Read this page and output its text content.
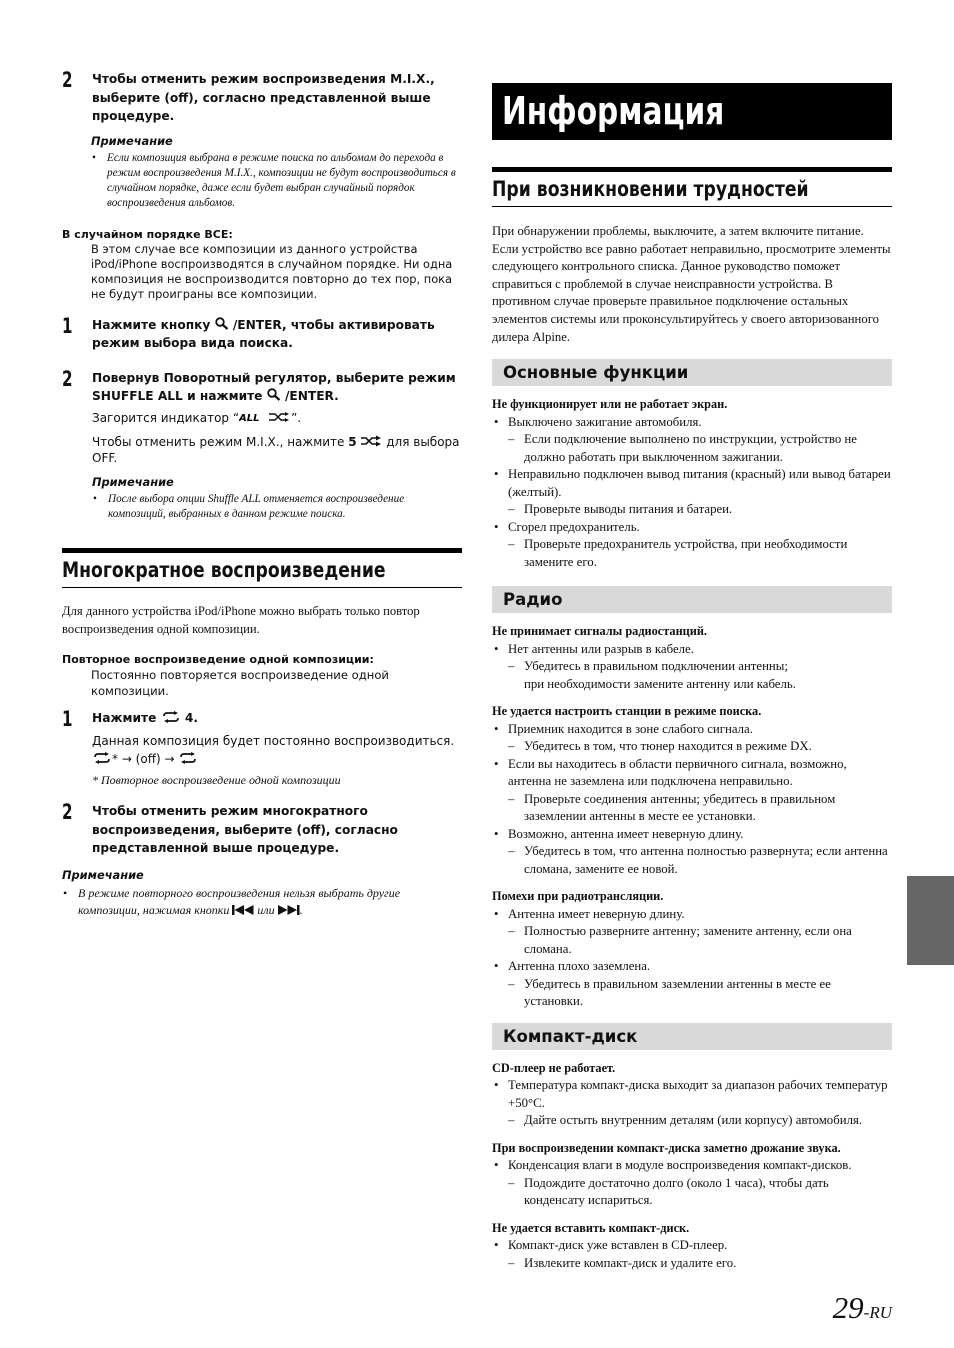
2 Чтобы отменить режим воспроизведения M.I.X., выберите (off), согласно представленной выше процедуре.
Примечание
• Если композиция выбрана в режиме поиска по альбомам до перехода в режим воспроизведения M.I.X., композиции не будут воспроизводиться в случайном порядке, даже если будет выбран случайный порядок воспроизведения альбомов.
В случайном порядке ВСЕ:
В этом случае все композиции из данного устройства iPod/iPhone воспроизводятся в случайном порядке. Ни одна композиция не воспроизводится повторно до тех пор, пока не будут проиграны все композиции.
1 Нажмите кнопку  /ENTER, чтобы активировать режим выбора вида поиска.
2 Повернув Поворотный регулятор, выберите режим SHUFFLE ALL и нажмите  /ENTER.
Загорится индикатор “ ALL	”.
Чтобы отменить режим M.I.X., нажмите 5  для выбора OFF.
Примечание
• После выбора опции Shuffle ALL отменяется воспроизведение композиций, выбранных в данном режиме поиска.
Многократное воспроизведение
Для данного устройства iPod/iPhone можно выбрать только повтор воспроизведения одной композиции.
Повторное воспроизведение одной композиции:
Постоянно повторяется воспроизведение одной композиции.
1 Нажмите  4.
Данная композиция будет постоянно воспроизводиться.
* → (off) →
* Повторное воспроизведение одной композиции
2 Чтобы отменить режим многократного воспроизведения, выберите (off), согласно представленной выше процедуре.
Примечание
• В режиме повторного воспроизведения нельзя выбрать другие композиции, нажимая кнопки  или .
Информация
При возникновении трудностей
При обнаружении проблемы, выключите, а затем включите питание. Если устройство все равно работает неправильно, просмотрите элементы следующего контрольного списка. Данное руководство поможет справиться с проблемой в случае неисправности устройства. В противном случае проверьте правильное подключение остальных элементов системы или проконсультируйтесь у своего авторизованного дилера Alpine.
Основные функции
Не функционирует или не работает экран.
• Выключено зажигание автомобиля.
– Если подключение выполнено по инструкции, устройство не должно работать при выключенном зажигании.
• Неправильно подключен вывод питания (красный) или вывод батареи (желтый).
– Проверьте выводы питания и батареи.
• Сгорел предохранитель.
– Проверьте предохранитель устройства, при необходимости замените его.
Радио
Не принимает сигналы радиостанций.
• Нет антенны или разрыв в кабеле.
– Убедитесь в правильном подключении антенны;
при необходимости замените антенну или кабель.
Не удается настроить станции в режиме поиска.
• Приемник находится в зоне слабого сигнала.
– Убедитесь в том, что тюнер находится в режиме DX.
• Если вы находитесь в области первичного сигнала, возможно, антенна не заземлена или подключена неправильно.
– Проверьте соединения антенны; убедитесь в правильном заземлении антенны в месте ее установки.
• Возможно, антенна имеет неверную длину.
– Убедитесь в том, что антенна полностью развернута; если антенна сломана, замените ее новой.
Помехи при радиотрансляции.
• Антенна имеет неверную длину.
– Полностью разверните антенну; замените антенну, если она сломана.
• Антенна плохо заземлена.
– Убедитесь в правильном заземлении антенны в месте ее установки.
Компакт-диск
CD-плеер не работает.
• Температура компакт-диска выходит за диапазон рабочих температур +50°C.
– Дайте остыть внутренним деталям (или корпусу) автомобиля.
При воспроизведении компакт-диска заметно дрожание звука.
• Конденсация влаги в модуле воспроизведения компакт-дисков.
– Подождите достаточно долго (около 1 часа), чтобы дать конденсату испариться.
Не удается вставить компакт-диск.
• Компакт-диск уже вставлен в CD-плеер.
– Извлеките компакт-диск и удалите его.
29-RU
